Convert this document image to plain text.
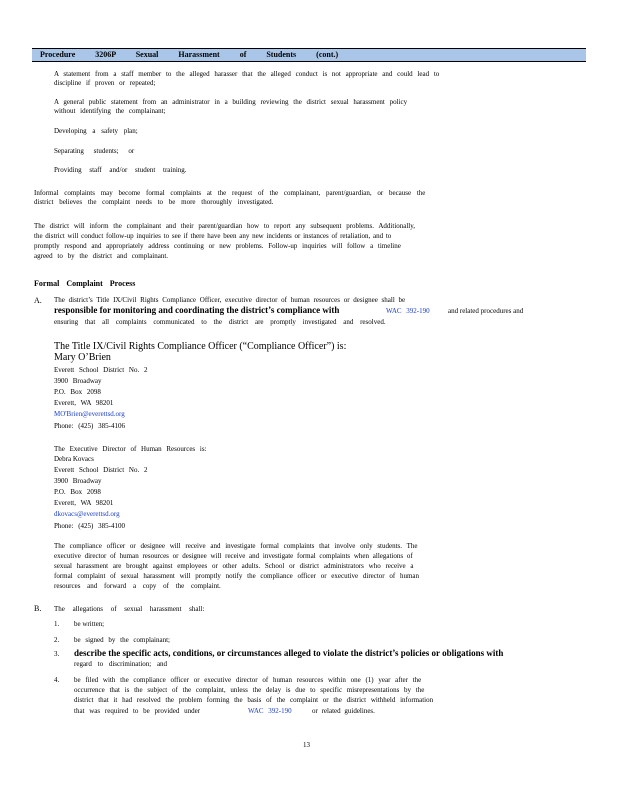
Procedure 3206P Sexual Harassment of Students (cont.)
A statement from a staff member to the alleged harasser that the alleged conduct is not appropriate and could lead to
discipline if proven or repeated;
A general public statement from an administrator in a building reviewing the district sexual harassment policy
without identifying the complainant;
Developing a safety plan;
Separating students; or
Providing staff and/or student training.
Informal complaints may become formal complaints at the request of the complainant, parent/guardian, or because the
district believes the complaint needs to be more thoroughly investigated.
The district will inform the complainant and their parent/guardian how to report any subsequent problems. Additionally,
the district will conduct follow-up inquiries to see if there have been any new incidents or instances of retaliation, and to
promptly respond and appropriately address continuing or new problems. Follow-up inquiries will follow a timeline
agreed to by the district and complainant.
Formal Complaint Process
A. The district’s Title IX/Civil Rights Compliance Officer, executive director of human resources or designee shall be
responsible for monitoring and coordinating the district’s compliance with	WAC 392-190	and related procedures and
ensuring that all complaints communicated to the district are promptly investigated and resolved.
The Title IX/Civil Rights Compliance Officer (“Compliance Officer”) is:
Mary O’Brien
Everett School District No. 2
3900 Broadway
P.O. Box 2098
Everett, WA 98201
MO'Brien@everettsd.org
Phone: (425) 385-4106
The Executive Director of Human Resources is:
Debra Kovacs
Everett School District No. 2
3900 Broadway
P.O. Box 2098
Everett, WA 98201
dkovacs@everettsd.org
Phone: (425) 385-4100
The compliance officer or designee will receive and investigate formal complaints that involve only students. The
executive director of human resources or designee will receive and investigate formal complaints when allegations of
sexual harassment are brought against employees or other adults. School or district administrators who receive a
formal complaint of sexual harassment will promptly notify the compliance officer or executive director of human
resources and forward a copy of the complaint.
B. The allegations of sexual harassment shall:
1. be written;
2. be signed by the complainant;
3. describe the specific acts, conditions, or circumstances alleged to violate the district’s policies or obligations with
regard to discrimination; and
4. be filed with the compliance officer or executive director of human resources within one (1) year after the
occurrence that is the subject of the complaint, unless the delay is due to specific misrepresentations by the
district that it had resolved the problem forming the basis of the complaint or the district withheld information
that was required to be provided under	WAC 392-190	or related guidelines.
13
